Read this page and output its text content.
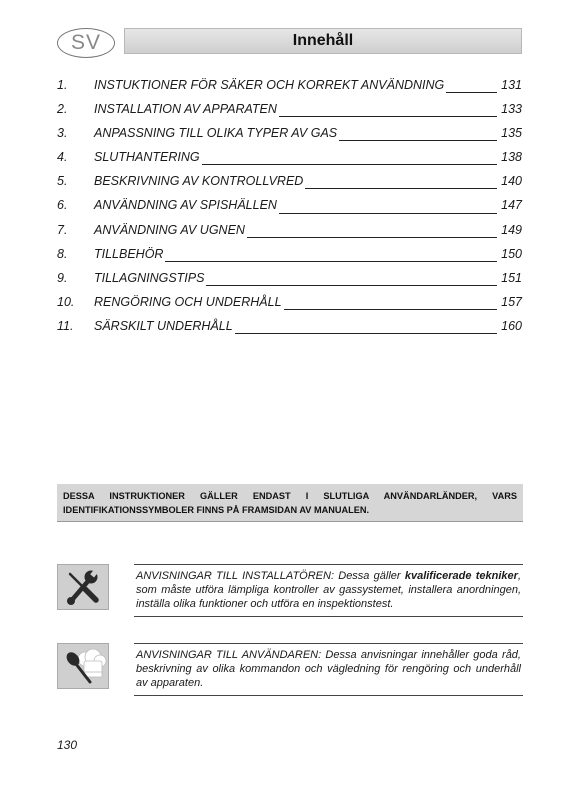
SV	Innehåll
1.	INSTUKTIONER FÖR SÄKER OCH KORREKT ANVÄNDNING	131
2.	INSTALLATION AV APPARATEN	133
3.	ANPASSNING TILL OLIKA TYPER AV GAS	135
4.	SLUTHANTERING	138
5.	BESKRIVNING AV KONTROLLVRED	140
6.	ANVÄNDNING AV SPISHÄLLEN	147
7.	ANVÄNDNING AV UGNEN	149
8.	TILLBEHÖR	150
9.	TILLAGNINGSTIPS	151
10.	RENGÖRING OCH UNDERHÅLL	157
11.	SÄRSKILT UNDERHÅLL	160
DESSA INSTRUKTIONER GÄLLER ENDAST I SLUTLIGA ANVÄNDARLÄNDER, VARS IDENTIFIKATIONSSYMBOLER FINNS PÅ FRAMSIDAN AV MANUALEN.
ANVISNINGAR TILL INSTALLATÖREN: Dessa gäller kvalificerade tekniker, som måste utföra lämpliga kontroller av gassystemet, installera anordningen, inställa olika funktioner och utföra en inspektionstest.
ANVISNINGAR TILL ANVÄNDAREN: Dessa anvisningar innehåller goda råd, beskrivning av olika kommandon och vägledning för rengöring och underhåll av apparaten.
130
